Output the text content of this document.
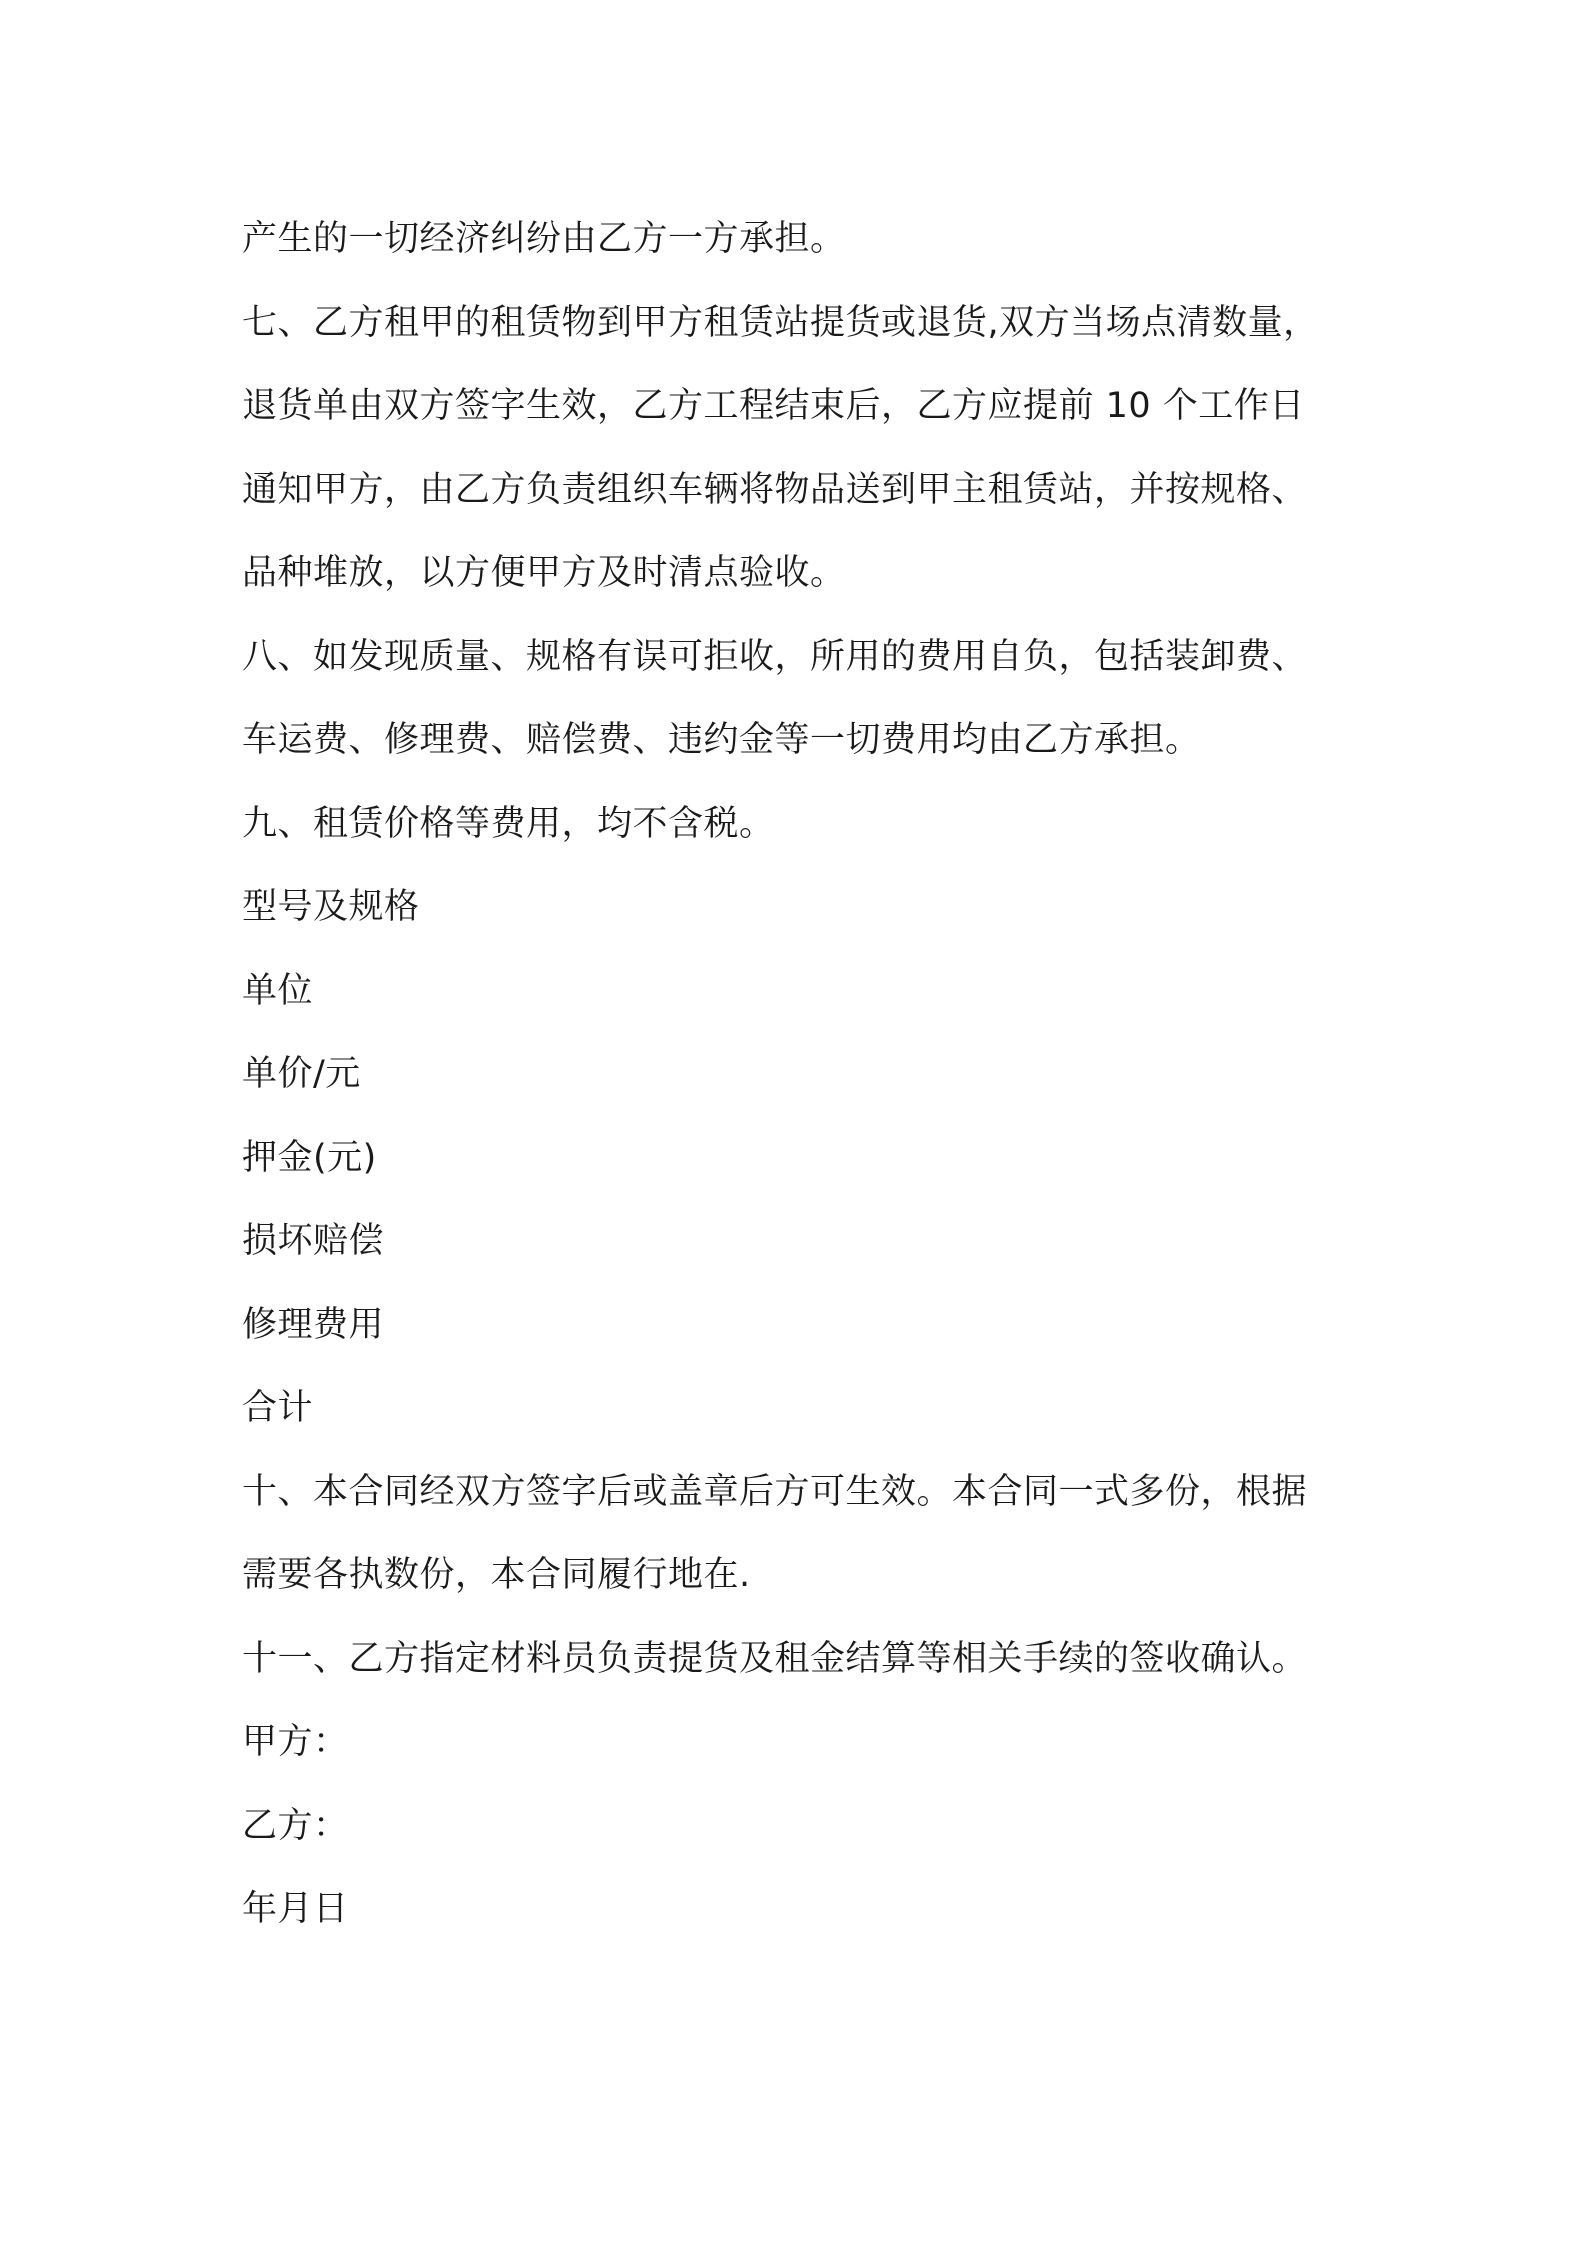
产生的一切经济纠纷由乙方一方承担。
七、乙方租甲的租赁物到甲方租赁站提货或退货,双方当场点清数量，
退货单由双方签字生效，乙方工程结束后，乙方应提前 10 个工作日
通知甲方，由乙方负责组织车辆将物品送到甲主租赁站，并按规格、
品种堆放，以方便甲方及时清点验收。
八、如发现质量、规格有误可拒收，所用的费用自负，包括装卸费、
车运费、修理费、赔偿费、违约金等一切费用均由乙方承担。
九、租赁价格等费用，均不含税。
型号及规格
单位
单价/元
押金(元)
损坏赔偿
修理费用
合计
十、本合同经双方签字后或盖章后方可生效。本合同一式多份，根据
需要各执数份，本合同履行地在.
十一、乙方指定材料员负责提货及租金结算等相关手续的签收确认。
甲方：
乙方：
年月日
